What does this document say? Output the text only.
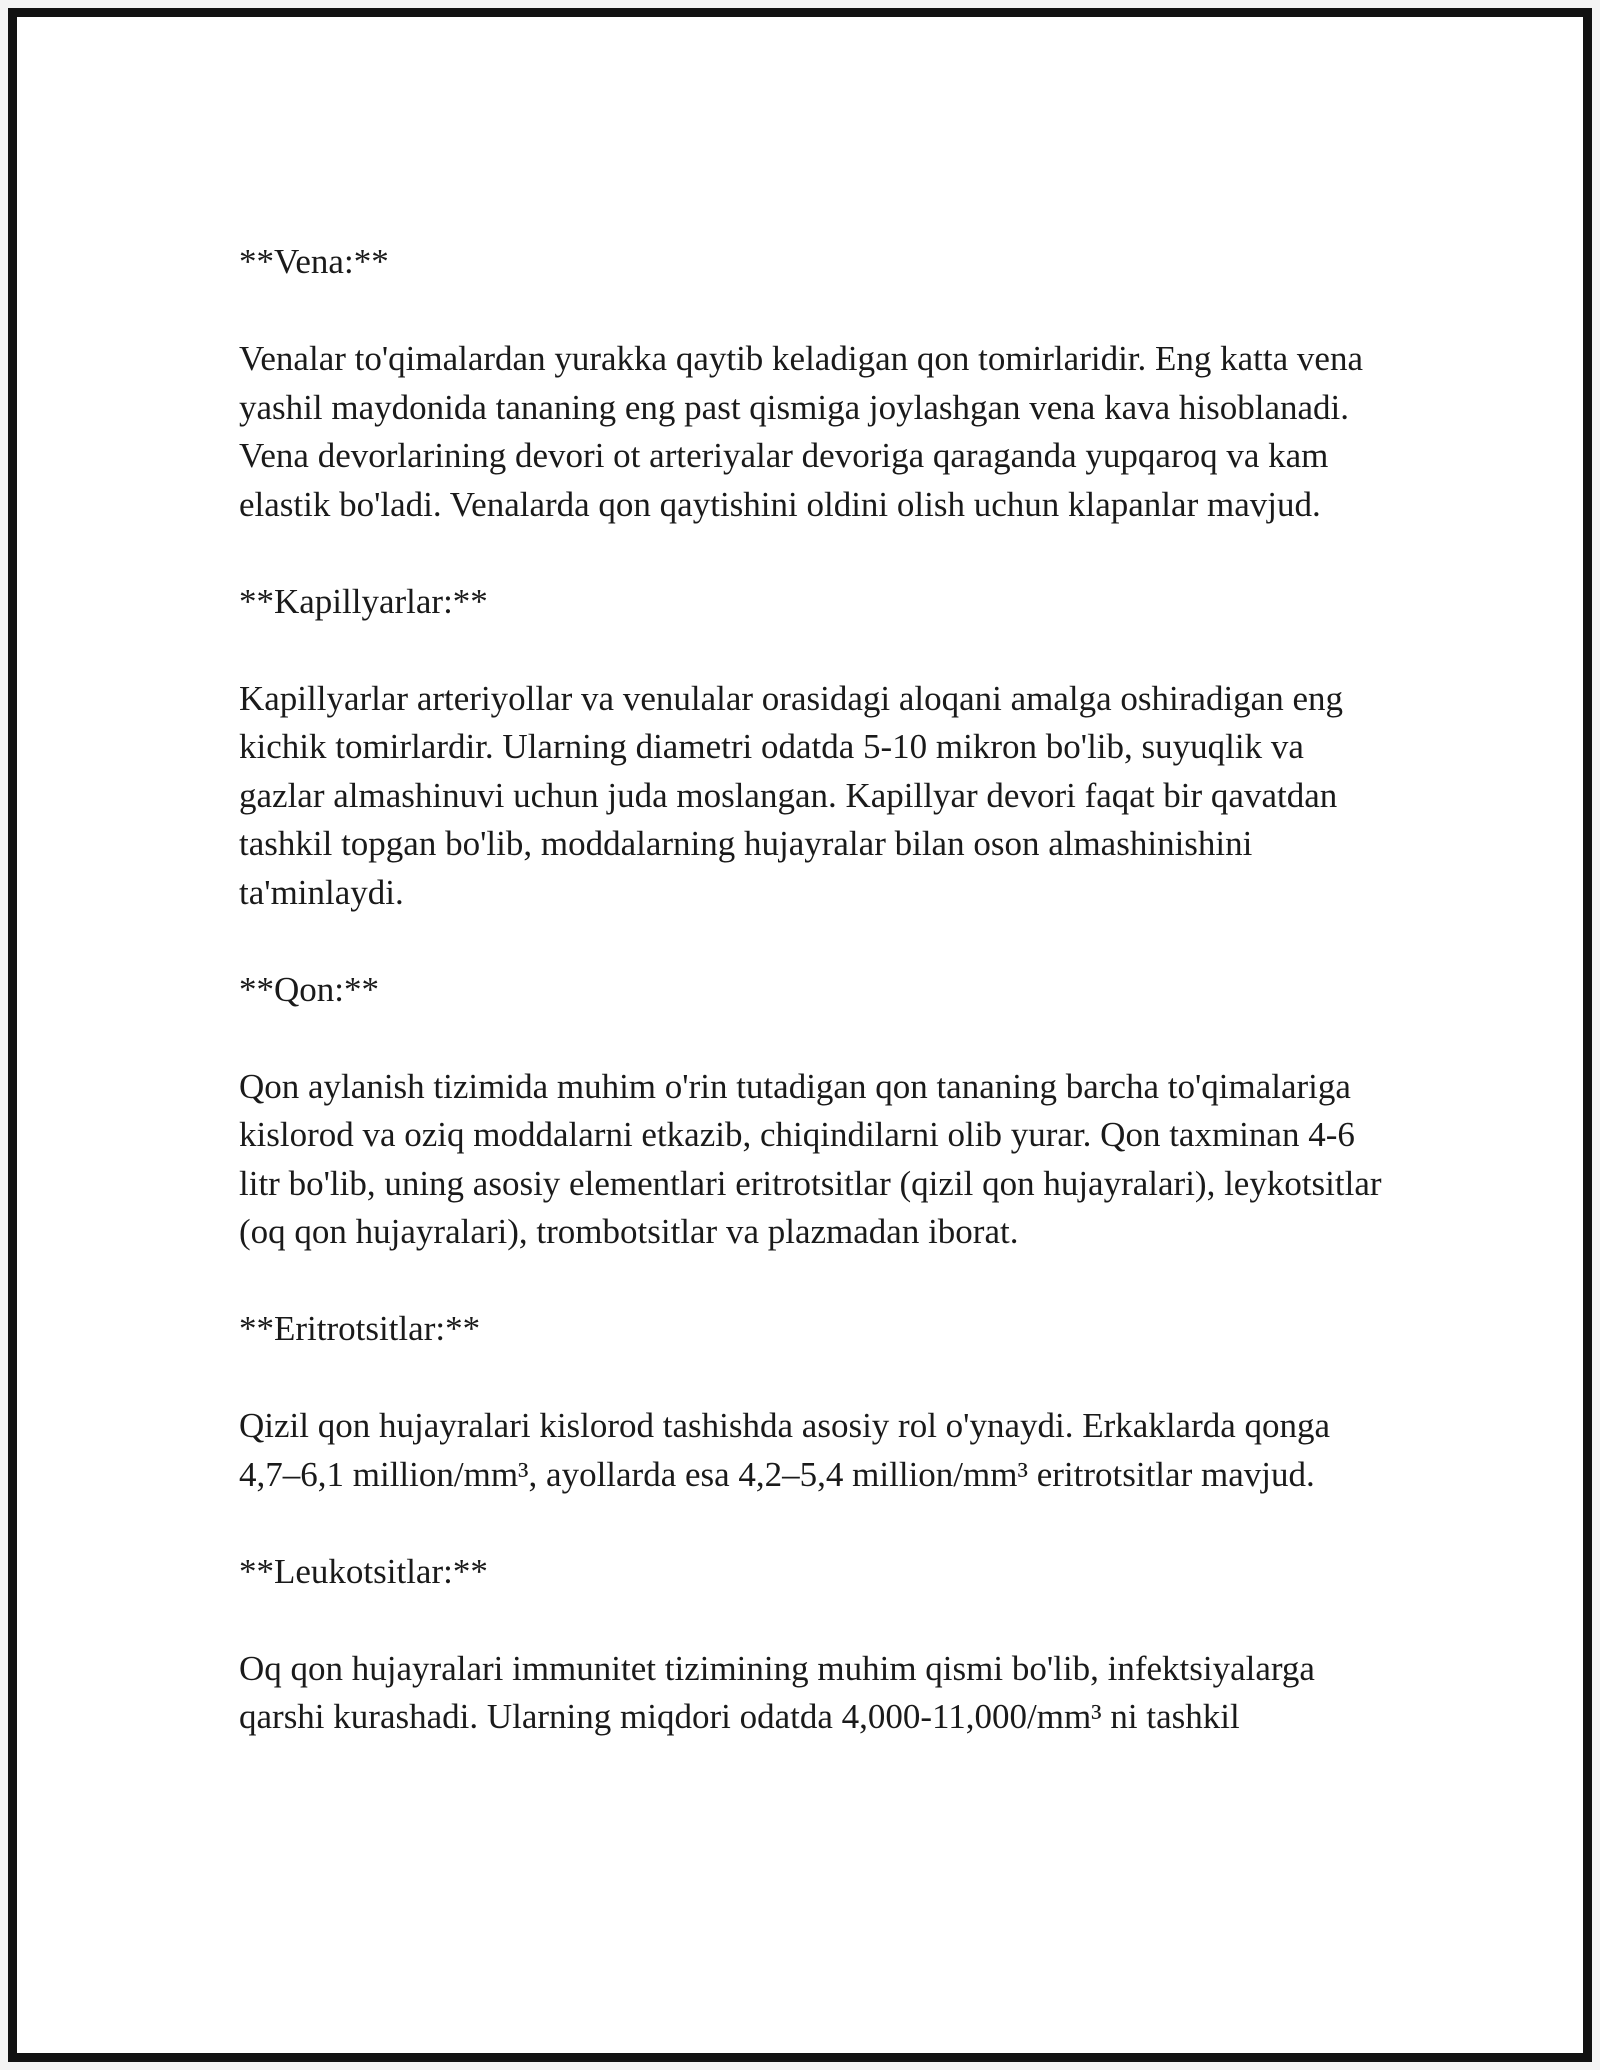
**Vena:**

Venalar to'qimalardan yurakka qaytib keladigan qon tomirlaridir. Eng katta vena yashil maydonida tananing eng past qismiga joylashgan vena kava hisoblanadi. Vena devorlarining devori ot arteriyalar devoriga qaraganda yupqaroq va kam elastik bo'ladi. Venalarda qon qaytishini oldini olish uchun klapanlar mavjud.

**Kapillyarlar:**

Kapillyarlar arteriyollar va venulalar orasidagi aloqani amalga oshiradigan eng kichik tomirlardir. Ularning diametri odatda 5-10 mikron bo'lib, suyuqlik va gazlar almashinuvi uchun juda moslangan. Kapillyar devori faqat bir qavatdan tashkil topgan bo'lib, moddalarning hujayralar bilan oson almashinishini ta'minlaydi.

**Qon:**

Qon aylanish tizimida muhim o'rin tutadigan qon tananing barcha to'qimalariga kislorod va oziq moddalarni etkazib, chiqindilarni olib yurar. Qon taxminan 4-6 litr bo'lib, uning asosiy elementlari eritrotsitlar (qizil qon hujayralari), leykotsitlar (oq qon hujayralari), trombotsitlar va plazmadan iborat.

**Eritrotsitlar:**

Qizil qon hujayralari kislorod tashishda asosiy rol o'ynaydi. Erkaklarda qonga 4,7–6,1 million/mm³, ayollarda esa 4,2–5,4 million/mm³ eritrotsitlar mavjud.

**Leukotsitlar:**

Oq qon hujayralari immunitet tizimining muhim qismi bo'lib, infektsiyalarga qarshi kurashadi. Ularning miqdori odatda 4,000-11,000/mm³ ni tashkil
